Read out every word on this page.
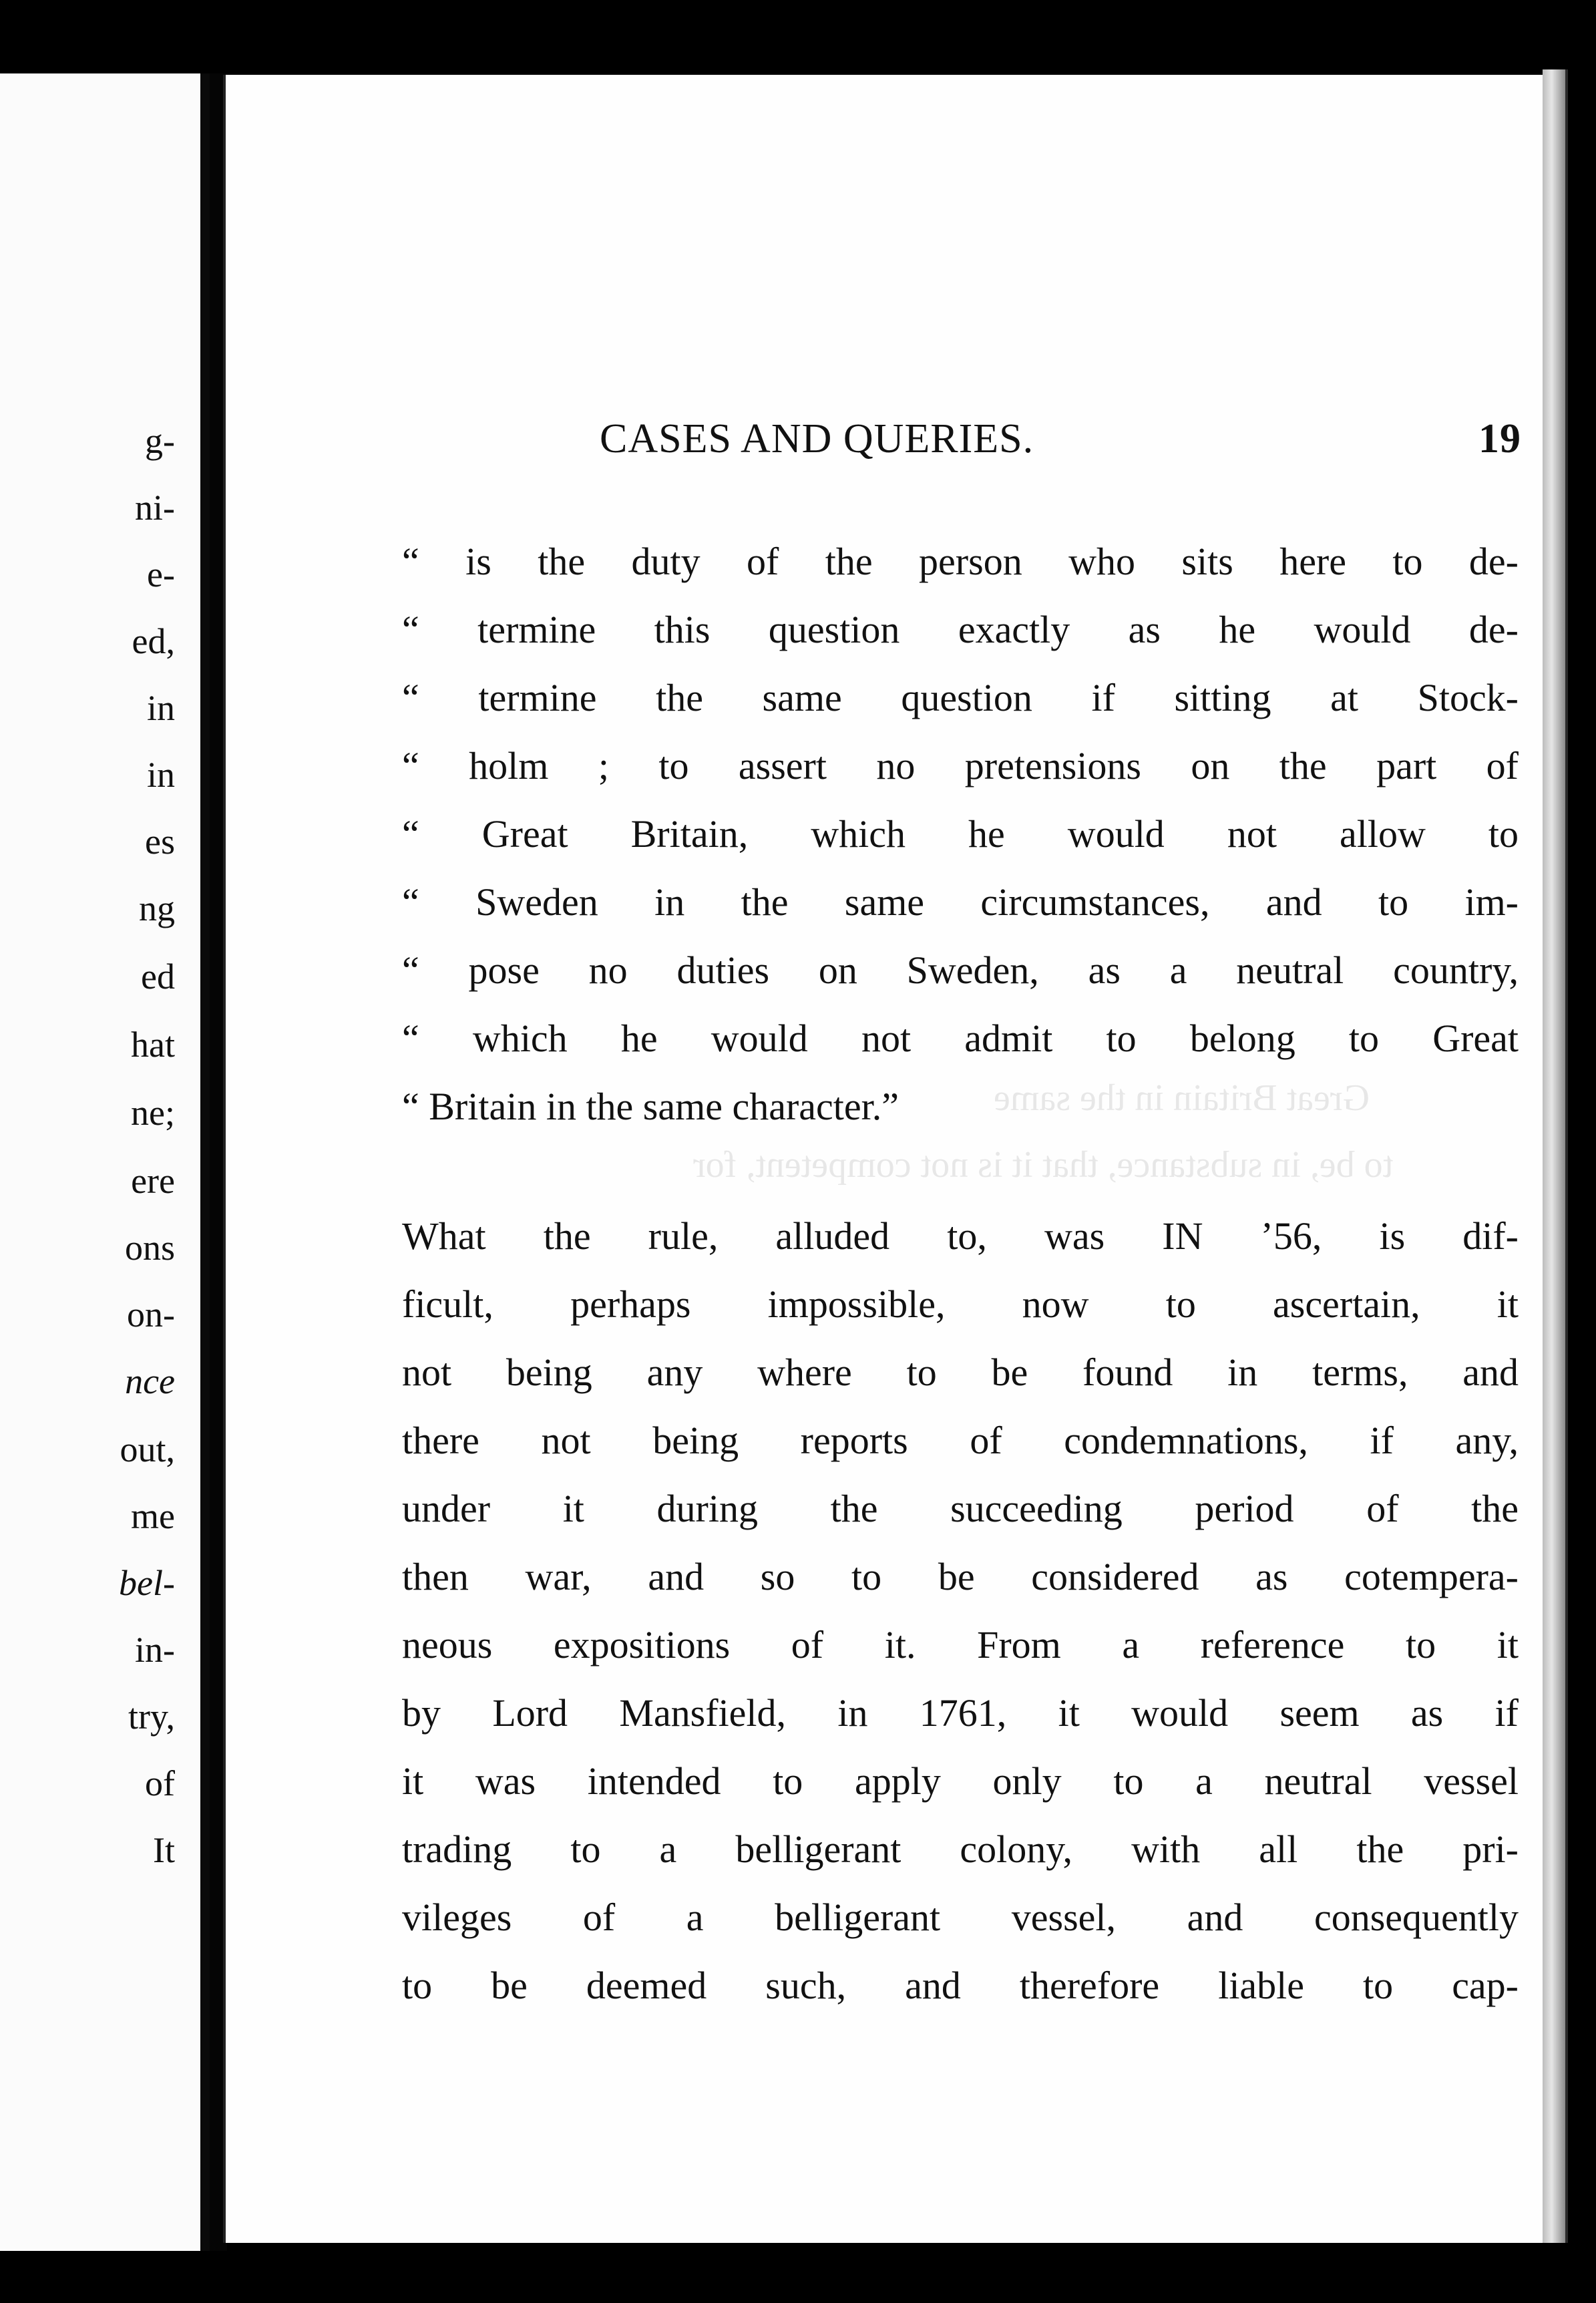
g-
ni-
e-
ed,
in
in
es
ng
ed
hat
ne;
ere
ons
on-
nce
out,
me
bel-
in-
try,
of
It
Great Britain in the same
to be, in substance, that it is not competent, for
CASES AND QUERIES.	19
“ is the duty of the person who sits here to de-
“ termine this question exactly as he would de-
“ termine the same question if sitting at Stock-
“ holm ; to assert no pretensions on the part of
“ Great Britain, which he would not allow to
“ Sweden in the same circumstances, and to im-
“ pose no duties on Sweden, as a neutral country,
“ which he would not admit to belong to Great
“ Britain in the same character.”
What the rule, alluded to, was IN ’56, is dif-
ficult, perhaps impossible, now to ascertain, it
not being any where to be found in terms, and
there not being reports of condemnations, if any,
under it during the succeeding period of the
then war, and so to be considered as cotempera-
neous expositions of it. From a reference to it
by Lord Mansfield, in 1761, it would seem as if
it was intended to apply only to a neutral vessel
trading to a belligerant colony, with all the pri-
vileges of a belligerant vessel, and consequently
to be deemed such, and therefore liable to cap-
